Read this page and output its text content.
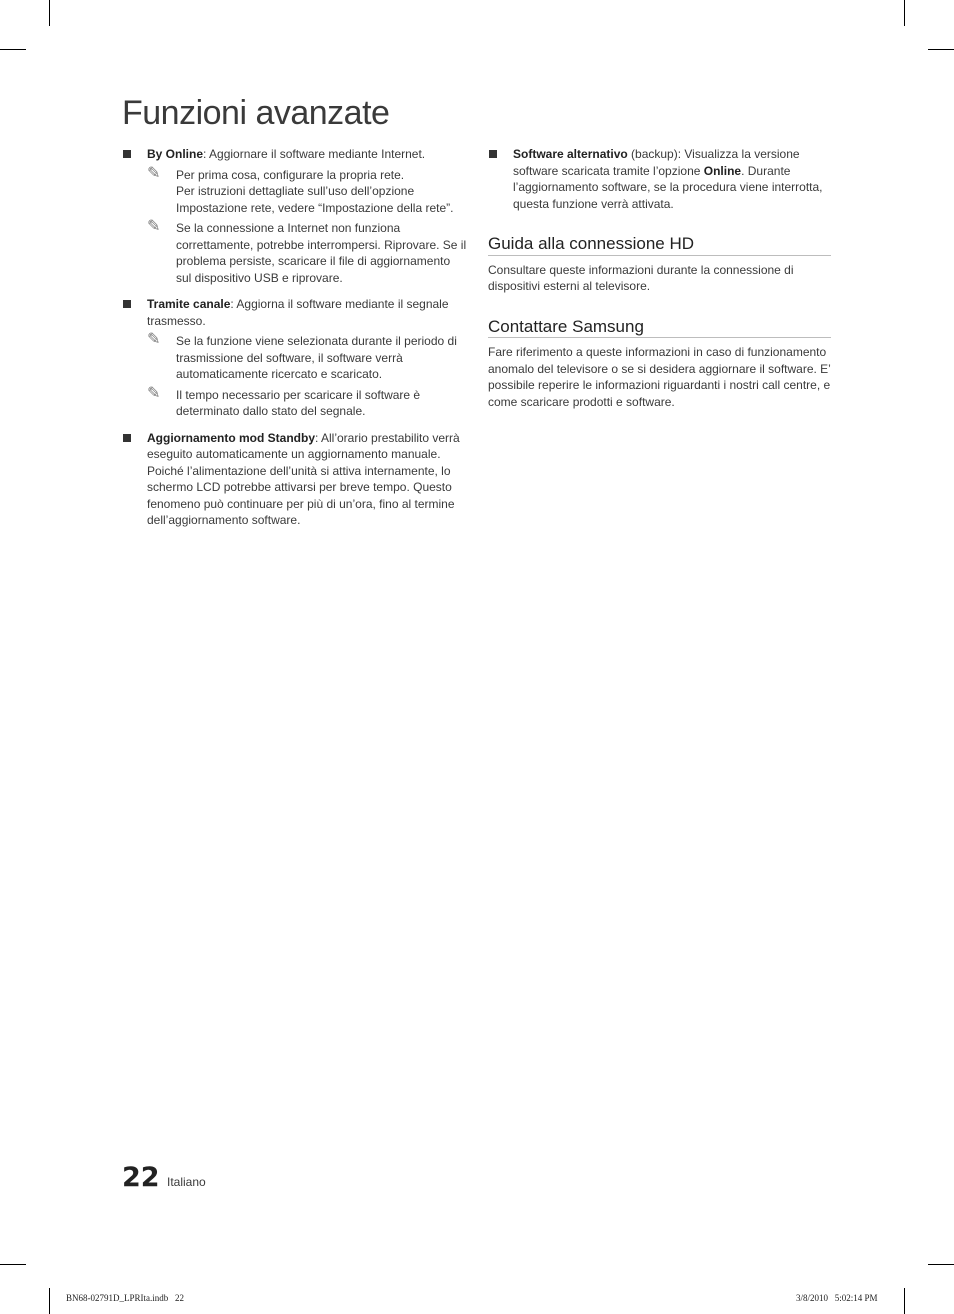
Funzioni avanzate
By Online: Aggiornare il software mediante Internet.
✎ Per prima cosa, configurare la propria rete.

Per istruzioni dettagliate sull’uso dell’opzione Impostazione rete, vedere “Impostazione della rete”.

✎ Se la connessione a Internet non funziona correttamente, potrebbe interrompersi. Riprovare. Se il problema persiste, scaricare il file di aggiornamento sul dispositivo USB e riprovare.

Tramite canale: Aggiorna il software mediante il segnale trasmesso.
✎ Se la funzione viene selezionata durante il periodo di trasmissione del software, il software verrà automaticamente ricercato e scaricato.

✎ Il tempo necessario per scaricare il software è determinato dallo stato del segnale.

Aggiornamento mod Standby: All’orario prestabilito verrà eseguito automaticamente un aggiornamento manuale. Poiché l’alimentazione dell’unità si attiva internamente, lo schermo LCD potrebbe attivarsi per breve tempo. Questo fenomeno può continuare per più di un’ora, fino al termine dell’aggiornamento software.
Software alternativo (backup): Visualizza la versione software scaricata tramite l’opzione Online. Durante l’aggiornamento software, se la procedura viene interrotta, questa funzione verrà attivata.
Guida alla connessione HD

Consultare queste informazioni durante la connessione di dispositivi esterni al televisore.

Contattare Samsung

Fare riferimento a queste informazioni in caso di funzionamento anomalo del televisore o se si desidera aggiornare il software. E’ possibile reperire le informazioni riguardanti i nostri call centre, e come scaricare prodotti e software.

22 Italiano
BN68-02791D_LPRIta.indb   22	3/8/2010   5:02:14 PM
